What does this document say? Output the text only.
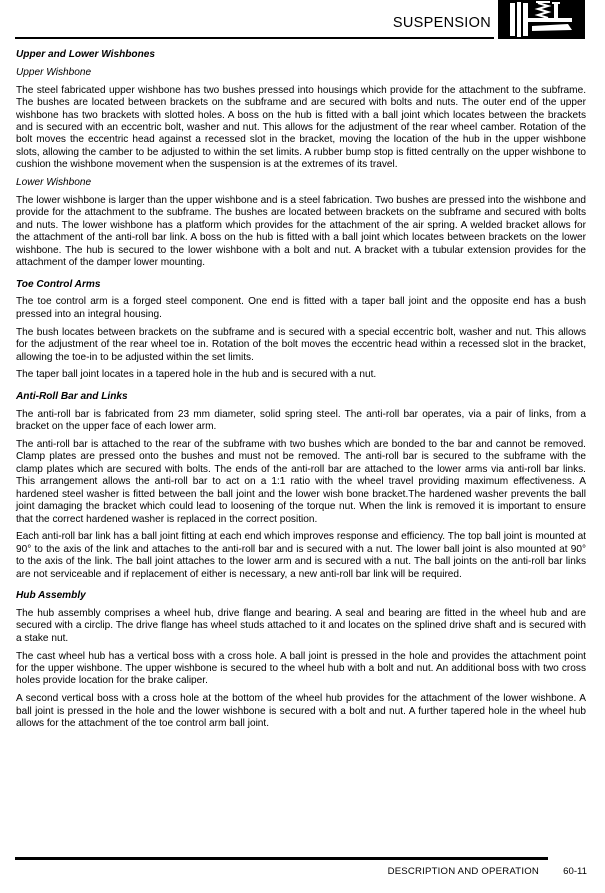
SUSPENSION

Upper and Lower Wishbones

Upper Wishbone

The steel fabricated upper wishbone has two bushes pressed into housings which provide for the attachment to the subframe. The bushes are located between brackets on the subframe and are secured with bolts and nuts. The outer end of the upper wishbone has two brackets with slotted holes. A boss on the hub is fitted with a ball joint which locates between the brackets and is secured with an eccentric bolt, washer and nut. This allows for the adjustment of the rear wheel camber. Rotation of the bolt moves the eccentric head against a recessed slot in the bracket, moving the location of the hub in the upper wishbone slots, allowing the camber to be adjusted to within the set limits. A rubber bump stop is fitted centrally on the upper wishbone to cushion the wishbone movement when the suspension is at the extremes of its travel.

Lower Wishbone

The lower wishbone is larger than the upper wishbone and is a steel fabrication. Two bushes are pressed into the wishbone and provide for the attachment to the subframe. The bushes are located between brackets on the subframe and secured with bolts and nuts. The lower wishbone has a platform which provides for the attachment of the air spring. A welded bracket allows for the attachment of the anti-roll bar link. A boss on the hub is fitted with a ball joint which locates between brackets on the lower wishbone. The hub is secured to the lower wishbone with a bolt and nut. A bracket with a tubular extension provides for the attachment of the damper lower mounting.

Toe Control Arms

The toe control arm is a forged steel component. One end is fitted with a taper ball joint and the opposite end has a bush pressed into an integral housing.

The bush locates between brackets on the subframe and is secured with a special eccentric bolt, washer and nut. This allows for the adjustment of the rear wheel toe in. Rotation of the bolt moves the eccentric head within a recessed slot in the bracket, allowing the toe-in to be adjusted within the set limits.

The taper ball joint locates in a tapered hole in the hub and is secured with a nut.

Anti-Roll Bar and Links

The anti-roll bar is fabricated from 23 mm diameter, solid spring steel. The anti-roll bar operates, via a pair of links, from a bracket on the upper face of each lower arm.

The anti-roll bar is attached to the rear of the subframe with two bushes which are bonded to the bar and cannot be removed. Clamp plates are pressed onto the bushes and must not be removed. The anti-roll bar is secured to the subframe with the clamp plates which are secured with bolts. The ends of the anti-roll bar are attached to the lower arms via anti-roll bar links. This arrangement allows the anti-roll bar to act on a 1:1 ratio with the wheel travel providing maximum effectiveness. A hardened steel washer is fitted between the ball joint and the lower wish bone bracket.The hardened washer prevents the ball joint damaging the bracket which could lead to loosening of the torque nut. When the link is removed it is important to ensure that the correct hardened washer is replaced in the correct position.

Each anti-roll bar link has a ball joint fitting at each end which improves response and efficiency. The top ball joint is mounted at 90° to the axis of the link and attaches to the anti-roll bar and is secured with a nut. The lower ball joint is also mounted at 90° to the axis of the link. The ball joint attaches to the lower arm and is secured with a nut. The ball joints on the anti-roll bar links are not serviceable and if replacement of either is necessary, a new anti-roll bar link will be required.

Hub Assembly

The hub assembly comprises a wheel hub, drive flange and bearing. A seal and bearing are fitted in the wheel hub and are secured with a circlip. The drive flange has wheel studs attached to it and locates on the splined drive shaft and is secured with a stake nut.

The cast wheel hub has a vertical boss with a cross hole. A ball joint is pressed in the hole and provides the attachment point for the upper wishbone. The upper wishbone is secured to the wheel hub with a bolt and nut. An additional boss with two cross holes provide location for the brake caliper.

A second vertical boss with a cross hole at the bottom of the wheel hub provides for the attachment of the lower wishbone. A ball joint is pressed in the hole and the lower wishbone is secured with a bolt and nut. A further tapered hole in the wheel hub allows for the attachment of the toe control arm ball joint.

DESCRIPTION AND OPERATION	60-11
